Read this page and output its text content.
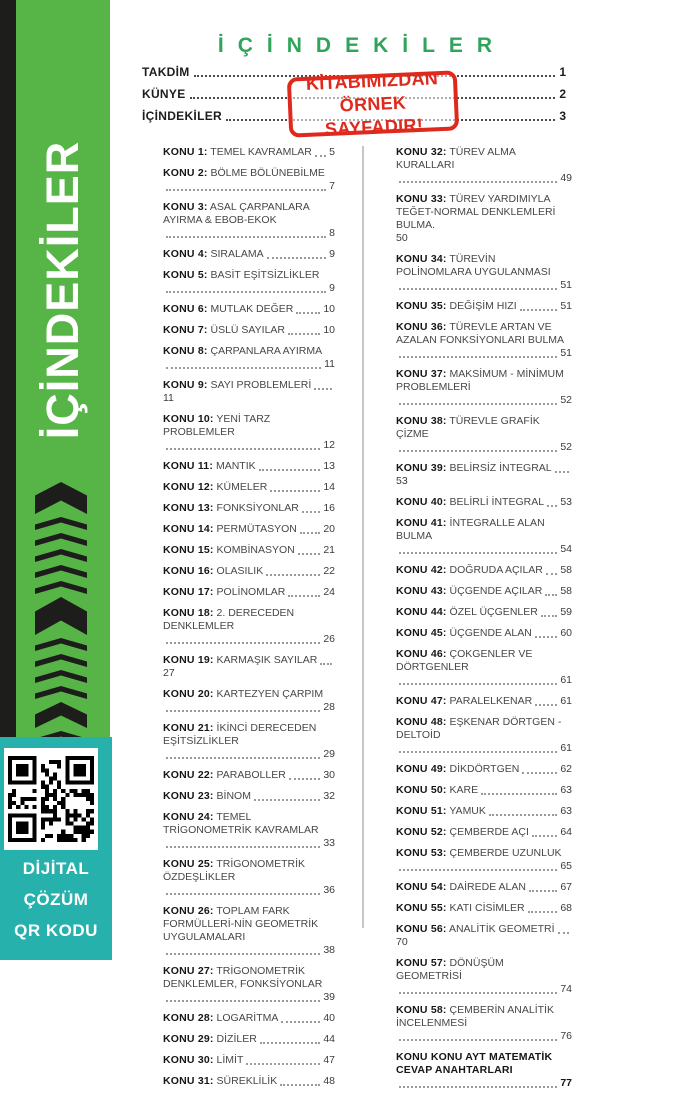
İÇİNDEKİLER
DİJİTAL
ÇÖZÜM
QR KODU
İÇİNDEKİLER
TAKDİM	1
KÜNYE	2
İÇİNDEKİLER	3
KİTABIMIZDAN
ÖRNEK SAYFADIR!
KONU 1: TEMEL KAVRAMLAR 5
KONU 2: BÖLME BÖLÜNEBİLME
7
KONU 3: ASAL ÇARPANLARA AYIRMA & EBOB-EKOK
8
KONU 4: SIRALAMA	9
KONU 5: BASİT EŞİTSİZLİKLER
9
KONU 6: MUTLAK DEĞER	10
KONU 7: ÜSLÜ SAYILAR	10
KONU 8: ÇARPANLARA AYIRMA
11
KONU 9: SAYI PROBLEMLERİ
11
KONU 10: YENİ TARZ PROBLEMLER
12
KONU 11: MANTIK	13
KONU 12: KÜMELER	14
KONU 13: FONKSİYONLAR 16
KONU 14: PERMÜTASYON	20
KONU 15: KOMBİNASYON	21
KONU 16: OLASILIK	22
KONU 17: POLİNOMLAR	24
KONU 18: 2. DERECEDEN DENKLEMLER
26
KONU 19: KARMAŞIK SAYILAR
27
KONU 20: KARTEZYEN ÇARPIM
28
KONU 21: İKİNCİ DERECEDEN EŞİTSİZLİKLER
29
KONU 22: PARABOLLER	30
KONU 23: BİNOM	32
KONU 24: TEMEL TRİGONOMETRİK KAVRAMLAR
33
KONU 25: TRİGONOMETRİK ÖZDEŞLİKLER
36
KONU 26: TOPLAM FARK FORMÜLLERİ-NİN GEOMETRİK UYGULAMALARI
38
KONU 27: TRİGONOMETRİK DENKLEMLER, FONKSİYONLAR
39
KONU 28: LOGARİTMA	40
KONU 29: DİZİLER	44
KONU 30: LİMİT	47
KONU 31: SÜREKLİLİK	48
KONU 32: TÜREV ALMA KURALLARI
49
KONU 33: TÜREV YARDIMIYLA TEĞET-NORMAL DENKLEMLERİ BULMA.
50
KONU 34: TÜREVİN POLİNOMLARA UYGULANMASI
51
KONU 35: DEĞİŞİM HIZI	51
KONU 36: TÜREVLE ARTAN VE AZALAN FONKSİYONLARI BULMA
51
KONU 37: MAKSİMUM - MİNİMUM PROBLEMLERİ
52
KONU 38: TÜREVLE GRAFİK ÇİZME
52
KONU 39: BELİRSİZ İNTEGRAL
53
KONU 40: BELİRLİ İNTEGRAL 53
KONU 41: İNTEGRALLE ALAN BULMA
54
KONU 42: DOĞRUDA AÇILAR 58
KONU 43: ÜÇGENDE AÇILAR 58
KONU 44: ÖZEL ÜÇGENLER 59
KONU 45: ÜÇGENDE ALAN	60
KONU 46: ÇOKGENLER VE DÖRTGENLER
61
KONU 47: PARALELKENAR	61
KONU 48: EŞKENAR DÖRTGEN - DELTOİD
61
KONU 49: DİKDÖRTGEN	62
KONU 50: KARE	63
KONU 51: YAMUK	63
KONU 52: ÇEMBERDE AÇI	64
KONU 53: ÇEMBERDE UZUNLUK
65
KONU 54: DAİREDE ALAN	67
KONU 55: KATI CİSİMLER	68
KONU 56: ANALİTİK GEOMETRİ
70
KONU 57: DÖNÜŞÜM GEOMETRİSİ
74
KONU 58: ÇEMBERİN ANALİTİK İNCELENMESİ
76
KONU KONU AYT MATEMATİK CEVAP ANAHTARLARI
77
